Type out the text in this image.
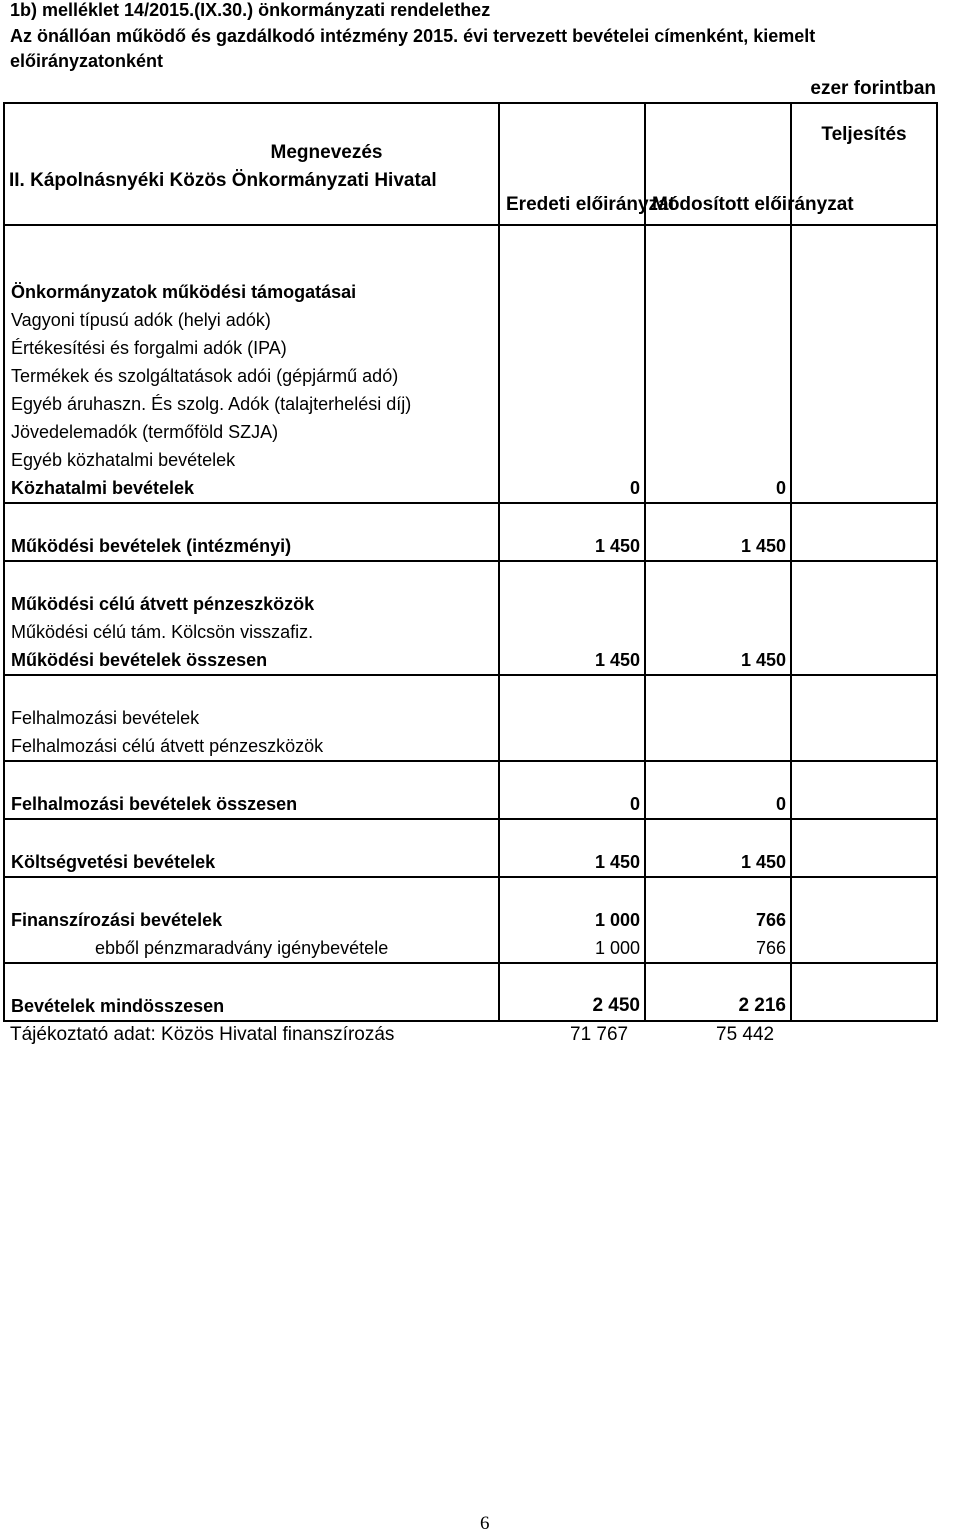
1b) melléklet 14/2015.(IX.30.) önkormányzati rendelethez
Az önállóan működő és gazdálkodó intézmény 2015. évi tervezett bevételei címenként, kiemelt
előirányzatonként
ezer forintban
Megnevezés
II. Kápolnásnyéki Közös Önkormányzati Hivatal	Eredeti előirányzat	Módosított előirányzat	Teljesítés

Önkormányzatok működési támogatásai			
Vagyoni típusú adók (helyi adók)			
Értékesítési és forgalmi adók (IPA)			
Termékek és szolgáltatások adói (gépjármű adó)			
Egyéb áruhaszn. És szolg. Adók (talajterhelési díj)			
Jövedelemadók (termőföld SZJA)			
Egyéb közhatalmi bevételek			
Közhatalmi bevételek	0	0	

Működési bevételek (intézményi)	1 450	1 450	

Működési célú átvett pénzeszközök			
Működési célú tám. Kölcsön visszafiz.			
Működési bevételek összesen	1 450	1 450	

Felhalmozási bevételek			
Felhalmozási célú átvett pénzeszközök			

Felhalmozási bevételek összesen	0	0	

Költségvetési bevételek	1 450	1 450	

Finanszírozási bevételek	1 000	766	
ebből pénzmaradvány igénybevétele	1 000	766	

Bevételek mindösszesen	2 450	2 216	
Tájékoztató adat: Közös Hivatal finanszírozás	71 767	75 442
6
